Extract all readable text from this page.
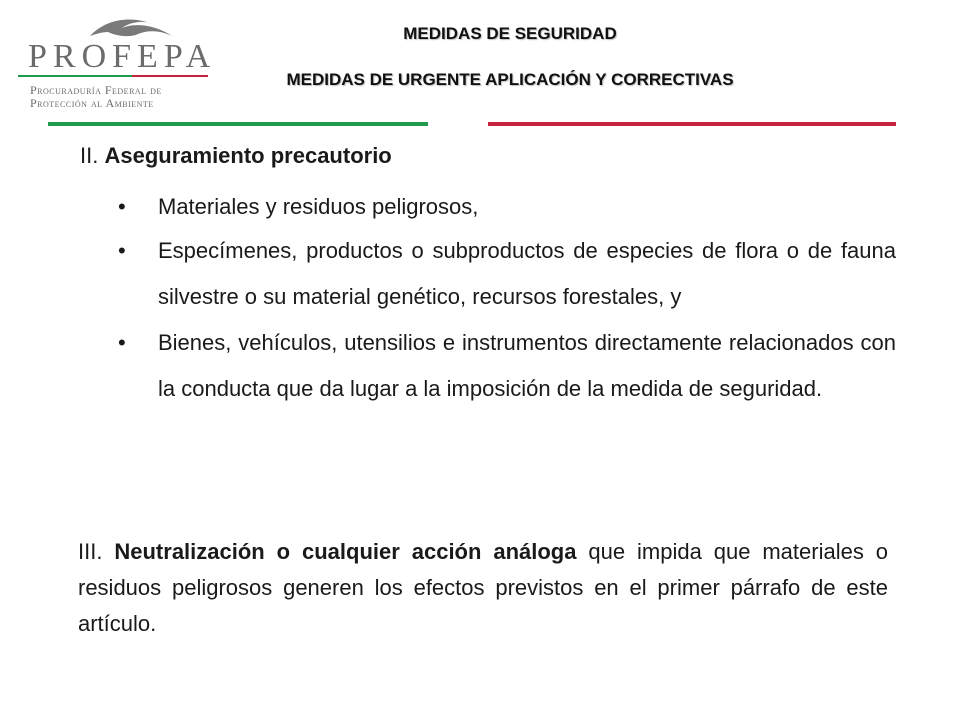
PROFEPA
Procuraduría Federal de
Protección al Ambiente
MEDIDAS DE SEGURIDAD
MEDIDAS DE URGENTE APLICACIÓN Y CORRECTIVAS
II. Aseguramiento precautorio
• Materiales y residuos peligrosos,
• Especímenes, productos o subproductos de especies de flora o de fauna silvestre o su material genético, recursos forestales, y
• Bienes, vehículos, utensilios e instrumentos directamente relacionados con la conducta que da lugar a la imposición de la medida de seguridad.
III. Neutralización o cualquier acción análoga que impida que materiales o residuos peligrosos generen los efectos previstos en el primer párrafo de este artículo.
